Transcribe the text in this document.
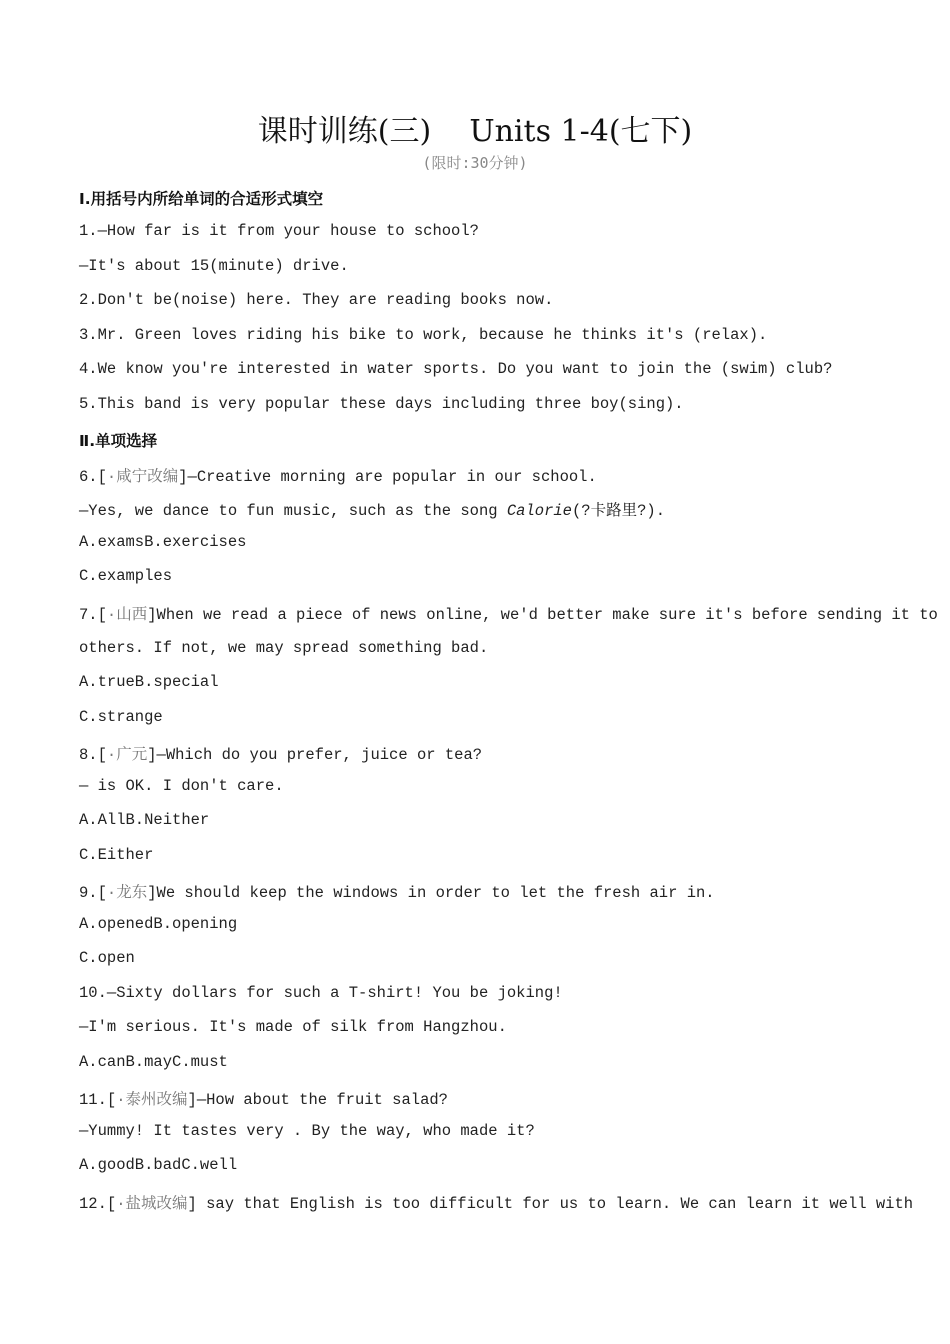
课时训练(三)    Units 1-4(七下)
(限时:30分钟)
Ⅰ.用括号内所给单词的合适形式填空
1.—How far is it from your house to school?
—It's about 15(minute) drive.
2.Don't be(noise) here. They are reading books now.
3.Mr. Green loves riding his bike to work, because he thinks it's (relax).
4.We know you're interested in water sports. Do you want to join the (swim) club?
5.This band is very popular these days including three boy(sing).
Ⅱ.单项选择
6.[·咸宁改编]—Creative morning are popular in our school.
—Yes, we dance to fun music, such as the song Calorie(?卡路里?).
A.examsB.exercises
C.examples
7.[·山西]When we read a piece of news online, we'd better make sure it's before sending it to
others. If not, we may spread something bad.
A.trueB.special
C.strange
8.[·广元]—Which do you prefer, juice or tea?
— is OK. I don't care.
A.AllB.Neither
C.Either
9.[·龙东]We should keep the windows in order to let the fresh air in.
A.openedB.opening
C.open
10.—Sixty dollars for such a T-shirt! You be joking!
—I'm serious. It's made of silk from Hangzhou.
A.canB.mayC.must
11.[·泰州改编]—How about the fruit salad?
—Yummy! It tastes very . By the way, who made it?
A.goodB.badC.well
12.[·盐城改编] say that English is too difficult for us to learn. We can learn it well with
